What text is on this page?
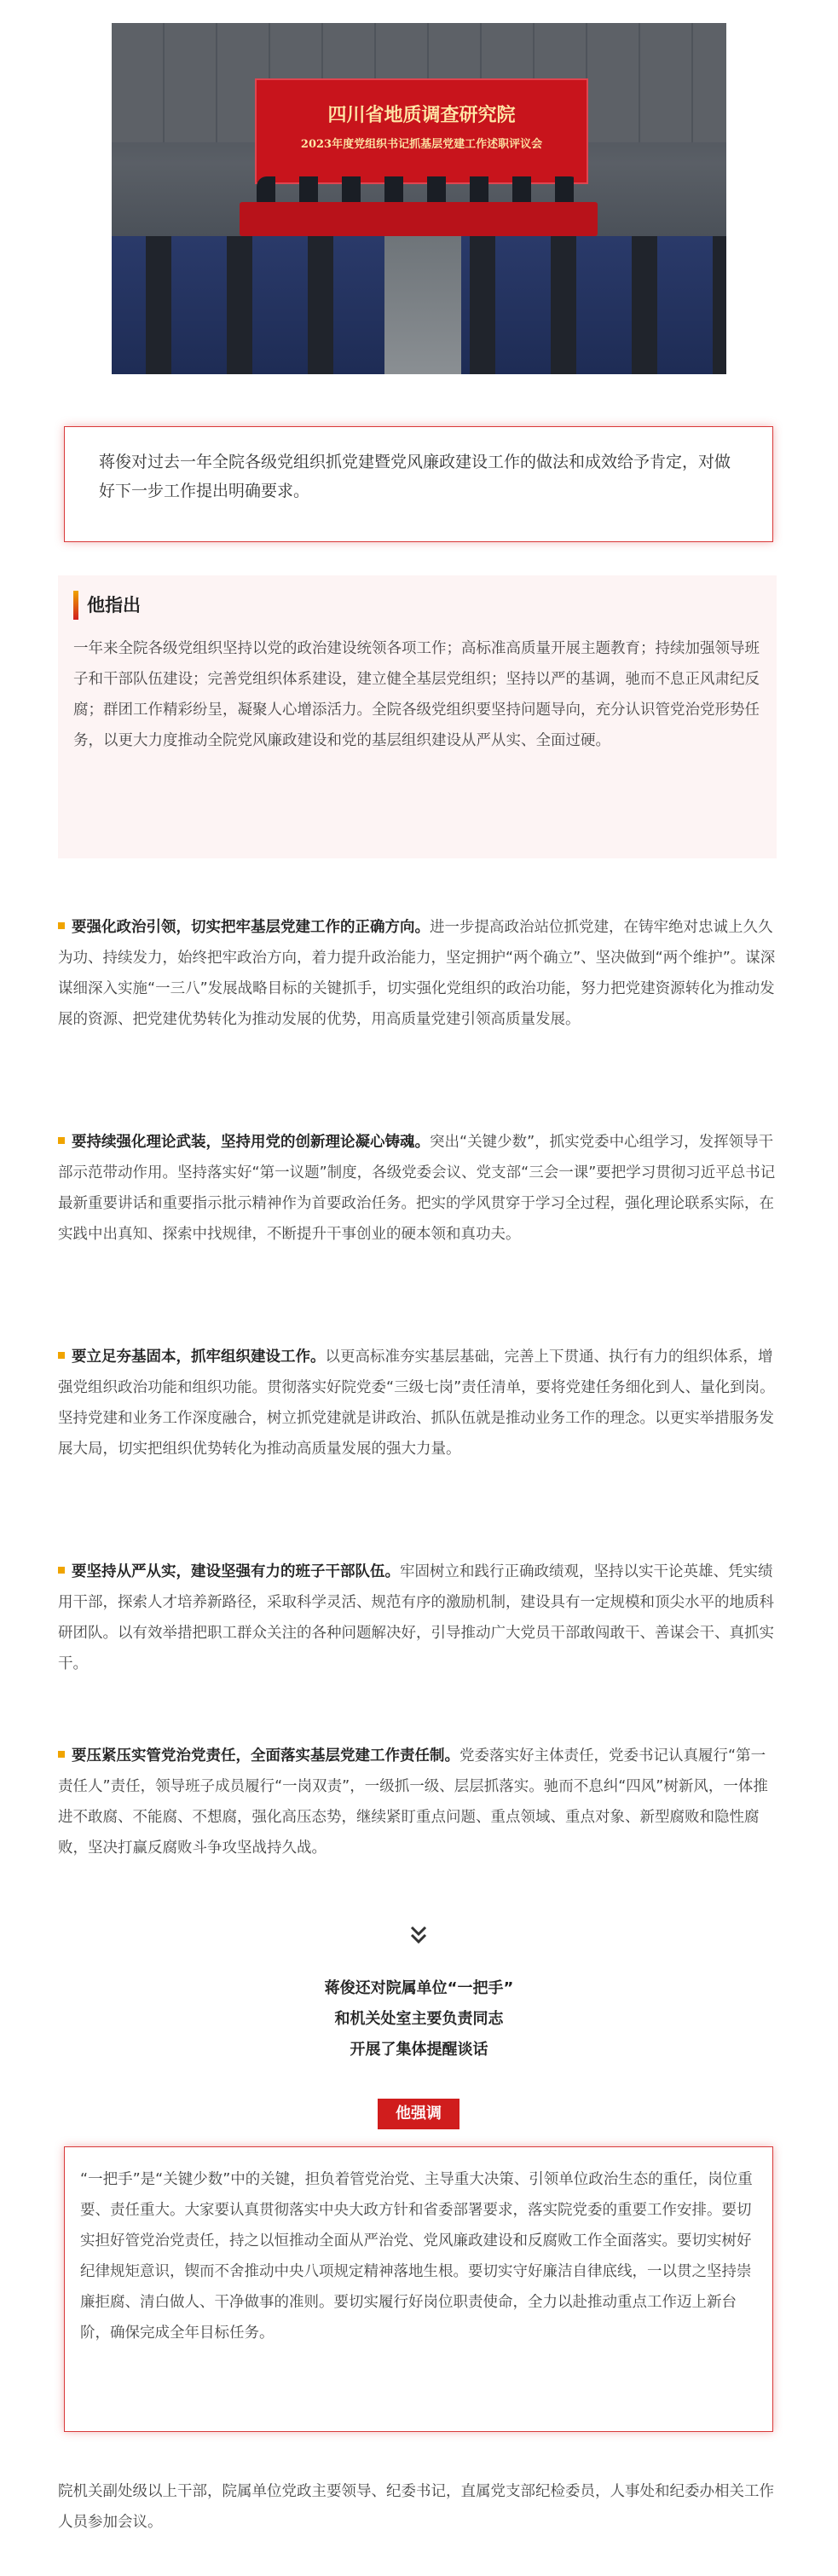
四川省地质调查研究院
2023年度党组织书记抓基层党建工作述职评议会
蒋俊对过去一年全院各级党组织抓党建暨党风廉政建设工作的做法和成效给予肯定，对做好下一步工作提出明确要求。
他指出
一年来全院各级党组织坚持以党的政治建设统领各项工作；高标准高质量开展主题教育；持续加强领导班子和干部队伍建设；完善党组织体系建设，建立健全基层党组织；坚持以严的基调，驰而不息正风肃纪反腐；群团工作精彩纷呈，凝聚人心增添活力。全院各级党组织要坚持问题导向，充分认识管党治党形势任务，以更大力度推动全院党风廉政建设和党的基层组织建设从严从实、全面过硬。
要强化政治引领，切实把牢基层党建工作的正确方向。进一步提高政治站位抓党建，在铸牢绝对忠诚上久久为功、持续发力，始终把牢政治方向，着力提升政治能力，坚定拥护“两个确立”、坚决做到“两个维护”。谋深谋细深入实施“一三八”发展战略目标的关键抓手，切实强化党组织的政治功能，努力把党建资源转化为推动发展的资源、把党建优势转化为推动发展的优势，用高质量党建引领高质量发展。
要持续强化理论武装，坚持用党的创新理论凝心铸魂。突出“关键少数”，抓实党委中心组学习，发挥领导干部示范带动作用。坚持落实好“第一议题”制度，各级党委会议、党支部“三会一课”要把学习贯彻习近平总书记最新重要讲话和重要指示批示精神作为首要政治任务。把实的学风贯穿于学习全过程，强化理论联系实际，在实践中出真知、探索中找规律，不断提升干事创业的硬本领和真功夫。
要立足夯基固本，抓牢组织建设工作。以更高标准夯实基层基础，完善上下贯通、执行有力的组织体系，增强党组织政治功能和组织功能。贯彻落实好院党委“三级七岗”责任清单，要将党建任务细化到人、量化到岗。坚持党建和业务工作深度融合，树立抓党建就是讲政治、抓队伍就是推动业务工作的理念。以更实举措服务发展大局，切实把组织优势转化为推动高质量发展的强大力量。
要坚持从严从实，建设坚强有力的班子干部队伍。牢固树立和践行正确政绩观，坚持以实干论英雄、凭实绩用干部，探索人才培养新路径，采取科学灵活、规范有序的激励机制，建设具有一定规模和顶尖水平的地质科研团队。以有效举措把职工群众关注的各种问题解决好，引导推动广大党员干部敢闯敢干、善谋会干、真抓实干。
要压紧压实管党治党责任，全面落实基层党建工作责任制。党委落实好主体责任，党委书记认真履行“第一责任人”责任，领导班子成员履行“一岗双责”，一级抓一级、层层抓落实。驰而不息纠“四风”树新风，一体推进不敢腐、不能腐、不想腐，强化高压态势，继续紧盯重点问题、重点领域、重点对象、新型腐败和隐性腐败，坚决打赢反腐败斗争攻坚战持久战。
蒋俊还对院属单位“一把手”
和机关处室主要负责同志
开展了集体提醒谈话
他强调
“一把手”是“关键少数”中的关键，担负着管党治党、主导重大决策、引领单位政治生态的重任，岗位重要、责任重大。大家要认真贯彻落实中央大政方针和省委部署要求，落实院党委的重要工作安排。要切实担好管党治党责任，持之以恒推动全面从严治党、党风廉政建设和反腐败工作全面落实。要切实树好纪律规矩意识，锲而不舍推动中央八项规定精神落地生根。要切实守好廉洁自律底线，一以贯之坚持崇廉拒腐、清白做人、干净做事的准则。要切实履行好岗位职责使命，全力以赴推动重点工作迈上新台阶，确保完成全年目标任务。
院机关副处级以上干部，院属单位党政主要领导、纪委书记，直属党支部纪检委员，人事处和纪委办相关工作人员参加会议。
